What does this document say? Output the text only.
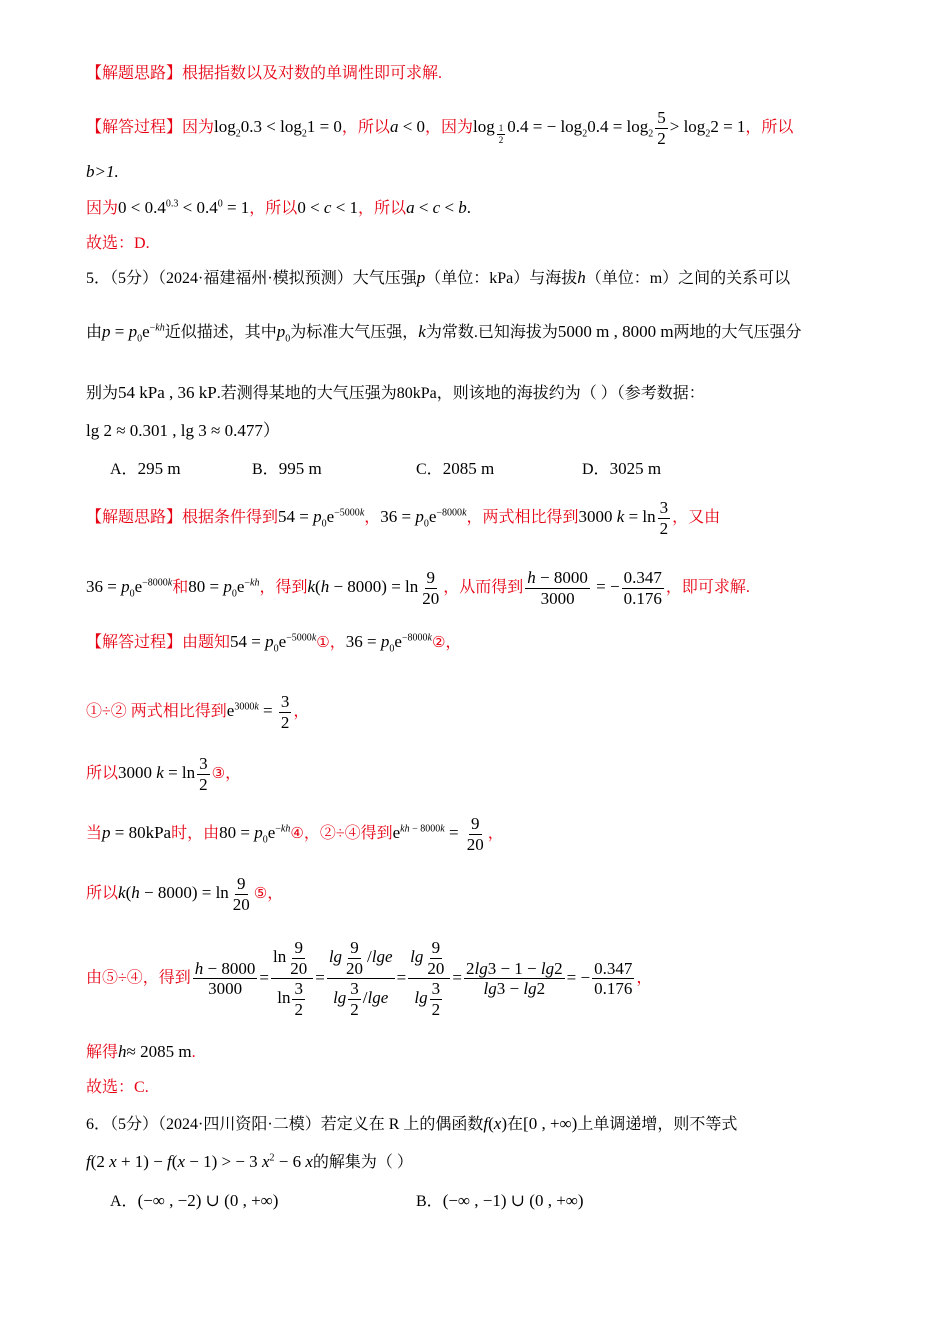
【解题思路】根据指数以及对数的单调性即可求解.
【解答过程】因为$\log_20.3 < \log_21 = 0$，所以a < 0，因为log $_{\frac{1}{2}}$ 0.4 = − $\log_20.4 = \log_2 \frac{5}{2} > \log_22 = 1$，所以
b>1.
因为$0 < 0.4^{0.3} < 0.4^0 = 1$，所以0 < c < 1，所以a < c < b.
故选：D.
5．（5分）（2024·福建福州·模拟预测）大气压强p（单位：kPa）与海拔h（单位：m）之间的关系可以
由$p = p_0e^{-kh}$近似描述，其中$p_0$为标准大气压强，k为常数.已知海拔为5000 m , 8000 m两地的大气压强分
别为54 kPa , 36 kP.若测得某地的大气压强为80kPa，则该地的海拔约为（ ）（参考数据：
lg 2 ≈ 0.301 , lg 3 ≈ 0.477）
A．295 m	B．995 m	C．2085 m	D．3025 m
【解题思路】根据条件得到$54 = p_0e^{-5000k}$，$36 = p_0e^{-8000k}$，两式相比得到3000 $k = \ln \frac{3}{2}$ ，又由
$36 = p_0e^{-8000k}$和$80 = p_0e^{-kh}$，得到$k(h - 8000) = \ln \frac{9}{20}$ ，从而得到 $\frac{h - 8000}{3000}$ = − $\frac{0.347}{0.176}$ ，即可求解.
【解答过程】由题知$54 = p_0e^{-5000k}①$，$36 = p_0e^{-8000k}②$，
①÷② 两式相比得到$e^{3000k} = \frac{3}{2}$ ，
所以3000 $k = \ln \frac{3}{2}$ ③，
当p = 80kPa时，由$80 = p_0e^{-kh}④$，②÷④得到$e^{kh - 8000k} = \frac{9}{20}$ ，
所以$k(h - 8000) = \ln \frac{9}{20}$ ⑤，
由⑤÷④，得到 $\frac{h - 8000}{3000} = \frac{\ln \frac{9}{20}}{\ln \frac{3}{2}} = \frac{\lg \frac{9}{20} /\lg e}{\lg \frac{3}{2} /\lg e} = \frac{\lg \frac{9}{20}}{\lg \frac{3}{2}} = \frac{2\lg 3 - 1 - \lg 2}{\lg 3 - \lg 2}$ = − $\frac{0.347}{0.176}$ ，
解得h≈ 2085 m.
故选：C.
6．（5分）（2024·四川资阳·二模）若定义在 R 上的偶函数f(x)在[0 , +∞)上单调递增，则不等式
f(2 x + 1) − f(x − 1) > − 3 $x^2 - 6$ x的解集为（ ）
A．(−∞ , −2) ∪ (0 , +∞)	B．(−∞ , −1) ∪ (0 , +∞)
